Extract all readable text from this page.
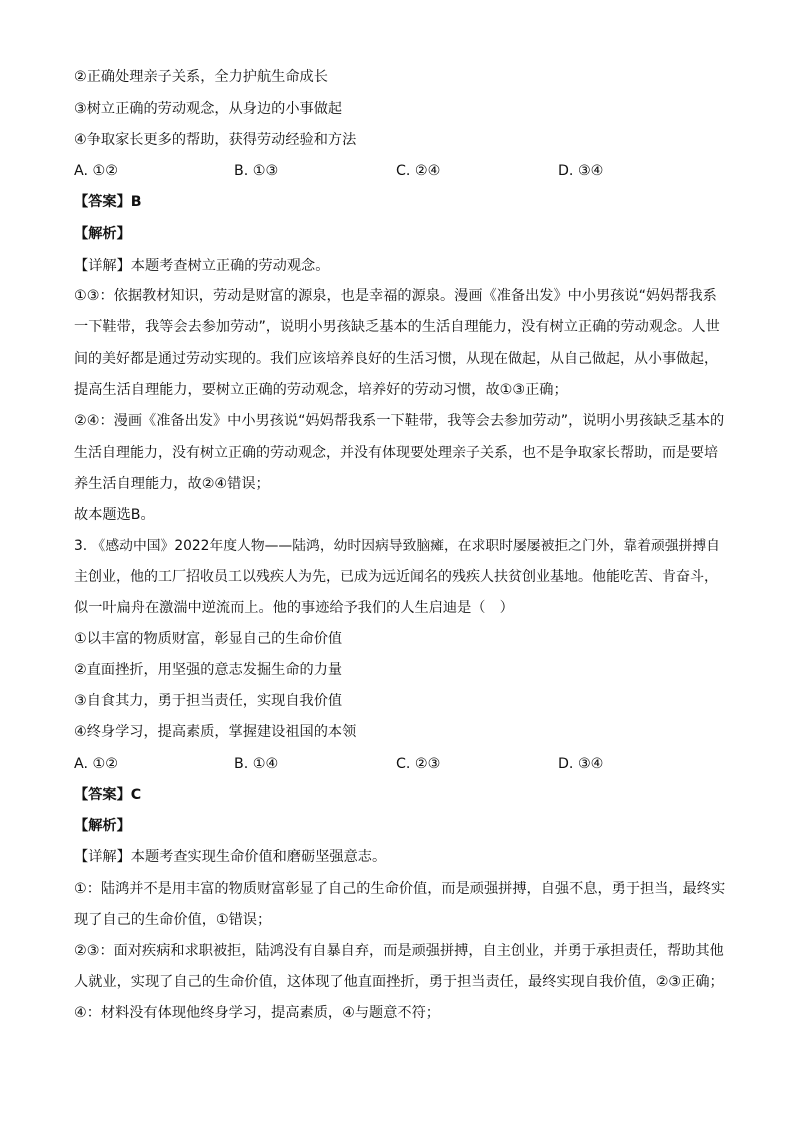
②正确处理亲子关系，全力护航生命成长
③树立正确的劳动观念，从身边的小事做起
④争取家长更多的帮助，获得劳动经验和方法
A. ①②	B. ①③	C. ②④	D. ③④
【答案】B
【解析】
【详解】本题考查树立正确的劳动观念。
①③：依据教材知识，劳动是财富的源泉，也是幸福的源泉。漫画《准备出发》中小男孩说“妈妈帮我系
一下鞋带，我等会去参加劳动”，说明小男孩缺乏基本的生活自理能力，没有树立正确的劳动观念。人世
间的美好都是通过劳动实现的。我们应该培养良好的生活习惯，从现在做起，从自己做起，从小事做起，
提高生活自理能力，要树立正确的劳动观念，培养好的劳动习惯，故①③正确；
②④：漫画《准备出发》中小男孩说“妈妈帮我系一下鞋带，我等会去参加劳动”，说明小男孩缺乏基本的
生活自理能力，没有树立正确的劳动观念，并没有体现要处理亲子关系，也不是争取家长帮助，而是要培
养生活自理能力，故②④错误；
故本题选B。
3. 《感动中国》2022年度人物——陆鸿，幼时因病导致脑瘫，在求职时屡屡被拒之门外，靠着顽强拼搏自
主创业，他的工厂招收员工以残疾人为先，已成为远近闻名的残疾人扶贫创业基地。他能吃苦、肯奋斗，
似一叶扁舟在激湍中逆流而上。他的事迹给予我们的人生启迪是（　）
①以丰富的物质财富，彰显自己的生命价值
②直面挫折，用坚强的意志发掘生命的力量
③自食其力，勇于担当责任，实现自我价值
④终身学习，提高素质，掌握建设祖国的本领
A. ①②	B. ①④	C. ②③	D. ③④
【答案】C
【解析】
【详解】本题考查实现生命价值和磨砺坚强意志。
①：陆鸿并不是用丰富的物质财富彰显了自己的生命价值，而是顽强拼搏，自强不息，勇于担当，最终实
现了自己的生命价值，①错误；
②③：面对疾病和求职被拒，陆鸿没有自暴自弃，而是顽强拼搏，自主创业，并勇于承担责任，帮助其他
人就业，实现了自己的生命价值，这体现了他直面挫折，勇于担当责任，最终实现自我价值，②③正确；
④：材料没有体现他终身学习，提高素质，④与题意不符；
